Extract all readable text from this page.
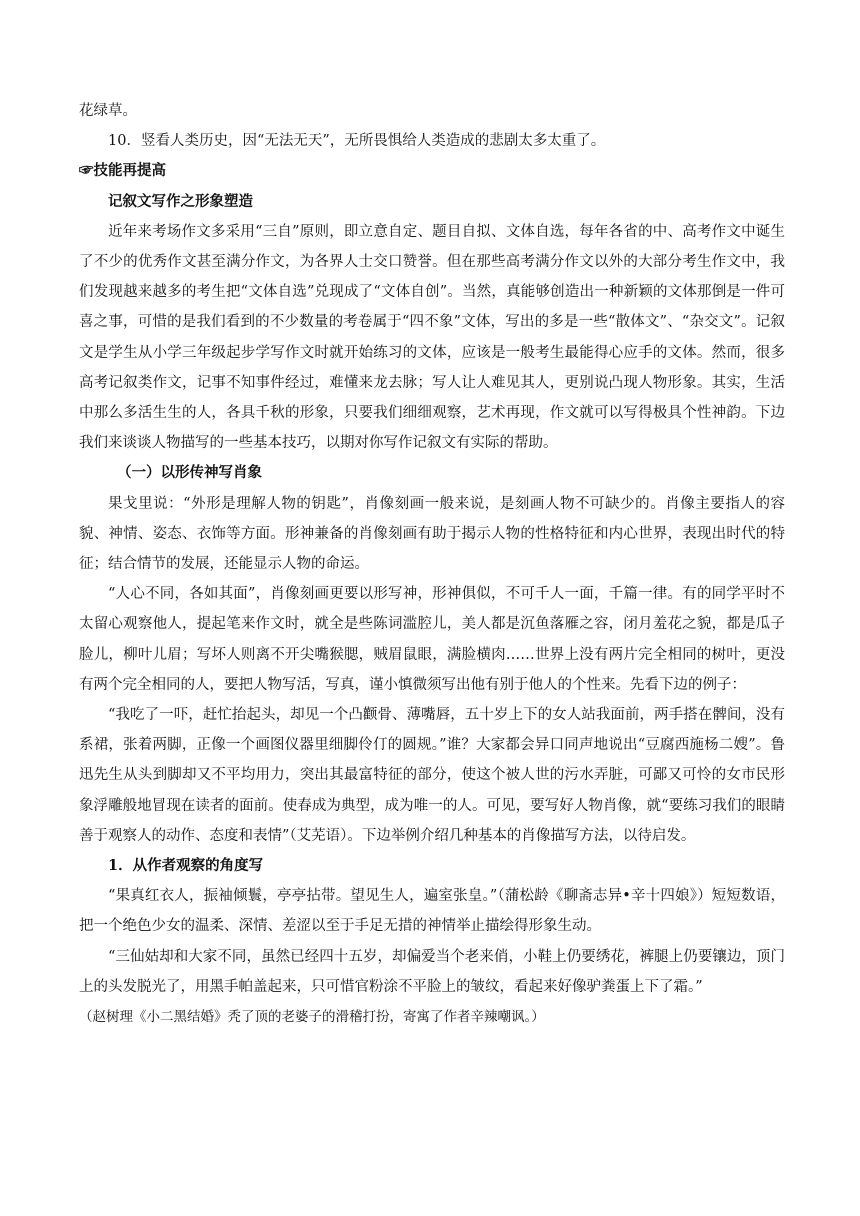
花绿草。

10．竖看人类历史，因“无法无天”，无所畏惧给人类造成的悲剧太多太重了。

☞技能再提高

记叙文写作之形象塑造

近年来考场作文多采用“三自”原则，即立意自定、题目自拟、文体自选，每年各省的中、高考作文中诞生了不少的优秀作文甚至满分作文，为各界人士交口赞誉。但在那些高考满分作文以外的大部分考生作文中，我们发现越来越多的考生把“文体自选”兑现成了“文体自创”。当然，真能够创造出一种新颖的文体那倒是一件可喜之事，可惜的是我们看到的不少数量的考卷属于“四不象”文体，写出的多是一些“散体文”、“杂交文”。记叙文是学生从小学三年级起步学写作文时就开始练习的文体，应该是一般考生最能得心应手的文体。然而，很多高考记叙类作文，记事不知事件经过，难懂来龙去脉；写人让人难见其人，更别说凸现人物形象。其实，生活中那么多活生生的人，各具千秋的形象，只要我们细细观察，艺术再现，作文就可以写得极具个性神韵。下边我们来谈谈人物描写的一些基本技巧，以期对你写作记叙文有实际的帮助。

（一）以形传神写肖象

果戈里说：“外形是理解人物的钥匙”，肖像刻画一般来说，是刻画人物不可缺少的。肖像主要指人的容貌、神情、姿态、衣饰等方面。形神兼备的肖像刻画有助于揭示人物的性格特征和内心世界，表现出时代的特征；结合情节的发展，还能显示人物的命运。

“人心不同，各如其面”，肖像刻画更要以形写神，形神俱似，不可千人一面，千篇一律。有的同学平时不太留心观察他人，提起笔来作文时，就全是些陈词滥腔儿，美人都是沉鱼落雁之容，闭月羞花之貌，都是瓜子脸儿，柳叶儿眉；写坏人则离不开尖嘴猴腮，贼眉鼠眼，满脸横肉……世界上没有两片完全相同的树叶，更没有两个完全相同的人，要把人物写活，写真，谨小慎微须写出他有别于他人的个性来。先看下边的例子：

“我吃了一吓，赶忙抬起头，却见一个凸颧骨、薄嘴唇，五十岁上下的女人站我面前，两手搭在髀间，没有系裙，张着两脚，正像一个画图仪器里细脚伶仃的圆规。”谁？大家都会异口同声地说出“豆腐西施杨二嫂”。鲁迅先生从头到脚却又不平均用力，突出其最富特征的部分，使这个被人世的污水弄脏，可鄙又可怜的女市民形象浮雕般地冒现在读者的面前。使春成为典型，成为唯一的人。可见，要写好人物肖像，就“要练习我们的眼睛善于观察人的动作、态度和表情”（艾芜语）。下边举例介绍几种基本的肖像描写方法，以待启发。

1．从作者观察的角度写

“果真红衣人，振袖倾鬟，亭亭拈带。望见生人，遍室张皇。”（蒲松龄《聊斋志异•辛十四娘》）短短数语，把一个绝色少女的温柔、深情、差涩以至于手足无措的神情举止描绘得形象生动。

“三仙姑却和大家不同，虽然已经四十五岁，却偏爱当个老来俏，小鞋上仍要绣花，裤腿上仍要镶边，顶门上的头发脱光了，用黑手帕盖起来，只可惜官粉涂不平脸上的皱纹，看起来好像驴粪蛋上下了霜。”

（赵树理《小二黑结婚》秃了顶的老婆子的滑稽打扮，寄寓了作者辛辣嘲讽。）
